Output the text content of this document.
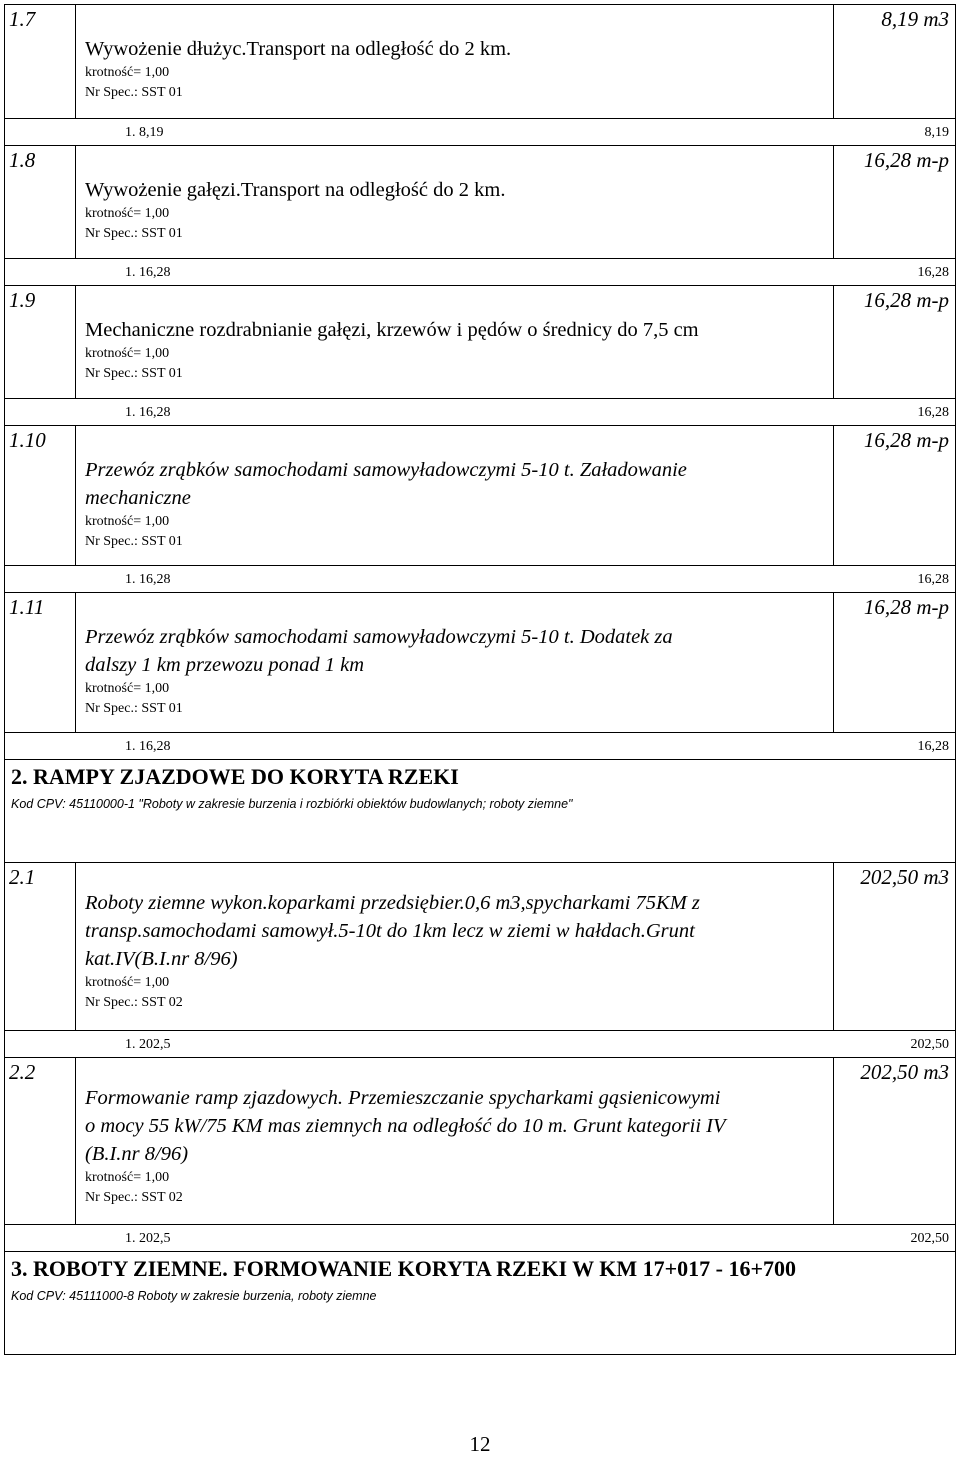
1.7	8,19 m3
Wywożenie dłużyc.Transport na odległość do 2 km.
krotność= 1,00
Nr Spec.: SST 01
1. 8,19	8,19
1.8	16,28 m-p
Wywożenie gałęzi.Transport na odległość do 2 km.
krotność= 1,00
Nr Spec.: SST 01
1. 16,28	16,28
1.9	16,28 m-p
Mechaniczne rozdrabnianie gałęzi, krzewów i pędów o średnicy do 7,5 cm
krotność= 1,00
Nr Spec.: SST 01
1. 16,28	16,28
1.10	16,28 m-p
Przewóz zrąbków samochodami samowyładowczymi 5-10 t. Załadowanie
mechaniczne
krotność= 1,00
Nr Spec.: SST 01
1. 16,28	16,28
1.11	16,28 m-p
Przewóz zrąbków samochodami samowyładowczymi 5-10 t. Dodatek za
dalszy 1 km przewozu ponad 1 km
krotność= 1,00
Nr Spec.: SST 01
1. 16,28	16,28
2. RAMPY ZJAZDOWE DO KORYTA RZEKI
Kod CPV: 45110000-1 "Roboty w zakresie burzenia i rozbiórki obiektów budowlanych; roboty ziemne"
2.1	202,50 m3
Roboty ziemne wykon.koparkami przedsiębier.0,6 m3,spycharkami 75KM z
transp.samochodami samowył.5-10t do 1km lecz w ziemi w hałdach.Grunt
kat.IV(B.I.nr 8/96)
krotność= 1,00
Nr Spec.: SST 02
1. 202,5	202,50
2.2	202,50 m3
Formowanie ramp zjazdowych. Przemieszczanie spycharkami gąsienicowymi
o mocy 55 kW/75 KM mas ziemnych na odległość do 10 m. Grunt kategorii IV
(B.I.nr 8/96)
krotność= 1,00
Nr Spec.: SST 02
1. 202,5	202,50
3. ROBOTY ZIEMNE. FORMOWANIE KORYTA RZEKI W KM 17+017 - 16+700
Kod CPV: 45111000-8 Roboty w zakresie burzenia, roboty ziemne
12
